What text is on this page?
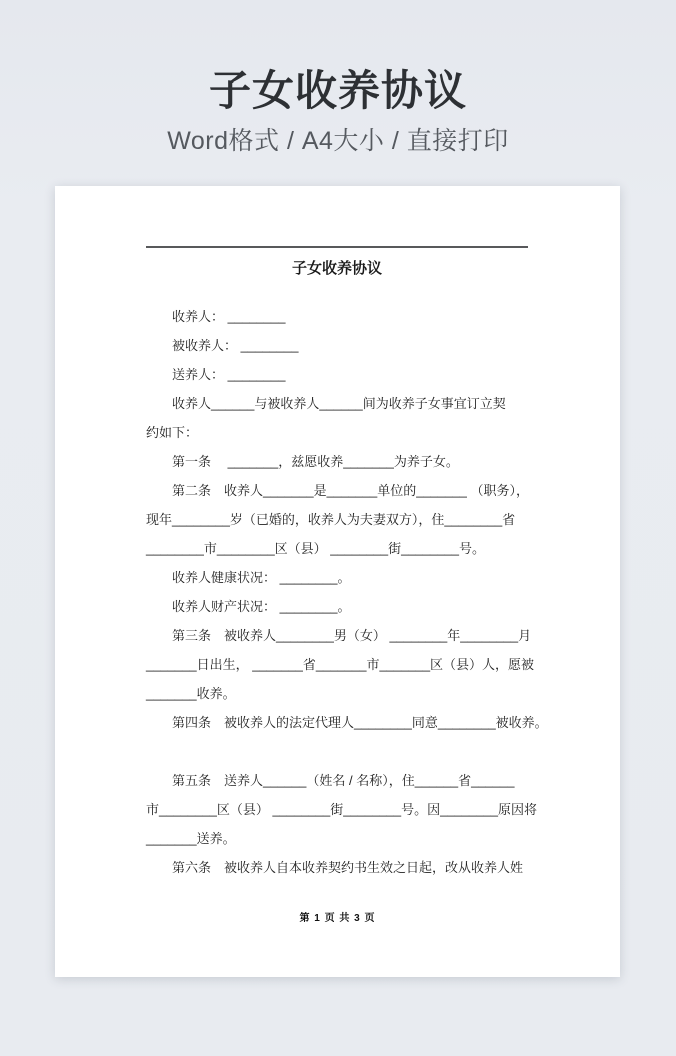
子女收养协议
Word格式 / A4大小 / 直接打印
子女收养协议
　　收养人： ________
　　被收养人： ________
　　送养人： ________
　　收养人______与被收养人______间为收养子女事宜订立契
约如下：
　　第一条　 _______，兹愿收养_______为养子女。
　　第二条　收养人_______是_______单位的_______ （职务），
现年________岁（已婚的，收养人为夫妻双方），住________省
________市________区（县） ________街________号。
　　收养人健康状况： ________。
　　收养人财产状况： ________。
　　第三条　被收养人________男（女） ________年________月
_______日出生， _______省_______市_______区（县）人，愿被
_______收养。
　　第四条　被收养人的法定代理人________同意________被收养。
　　第五条　送养人______（姓名 / 名称），住______省______
市________区（县） ________街________号。因________原因将
_______送养。
　　第六条　被收养人自本收养契约书生效之日起，改从收养人姓
第 1 页 共 3 页
